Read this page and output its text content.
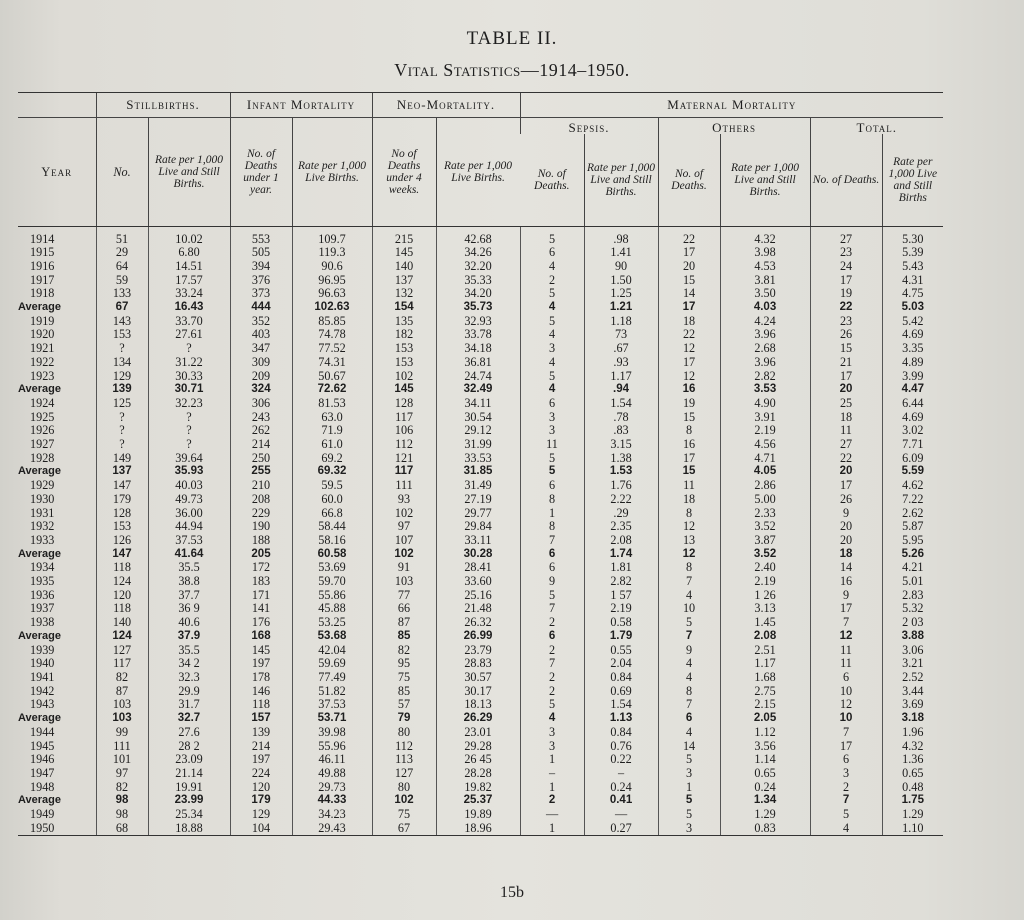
TABLE II.
Vital Statistics—1914–1950.
	Stillbirths.		Infant Mortality		Neo-Mortality.		Maternal Mortality					
Year	No.	Rate per 1,000 Live and Still Births.	No. of Deaths under 1 year.	Rate per 1,000 Live Births.	No of Deaths under 4 weeks.	Rate per 1,000 Live Births.	Sepsis.		Others		Total.	
							No. of Deaths.	Rate per 1,000 Live and Still Births.	No. of Deaths.	Rate per 1,000 Live and Still Births.	No. of Deaths.	Rate per 1,000 Live and Still Births
1914	51	10.02	553	109.7	215	42.68	5	.98	22	4.32	27	5.30
1915	29	6.80	505	119.3	145	34.26	6	1.41	17	3.98	23	5.39
1916	64	14.51	394	90.6	140	32.20	4	90	20	4.53	24	5.43
1917	59	17.57	376	96.95	137	35.33	2	1.50	15	3.81	17	4.31
1918	133	33.24	373	96.63	132	34.20	5	1.25	14	3.50	19	4.75
Average	67	16.43	444	102.63	154	35.73	4	1.21	17	4.03	22	5.03
1919	143	33.70	352	85.85	135	32.93	5	1.18	18	4.24	23	5.42
1920	153	27.61	403	74.78	182	33.78	4	73	22	3.96	26	4.69
1921	?	?	347	77.52	153	34.18	3	.67	12	2.68	15	3.35
1922	134	31.22	309	74.31	153	36.81	4	.93	17	3.96	21	4.89
1923	129	30.33	209	50.67	102	24.74	5	1.17	12	2.82	17	3.99
Average	139	30.71	324	72.62	145	32.49	4	.94	16	3.53	20	4.47
1924	125	32.23	306	81.53	128	34.11	6	1.54	19	4.90	25	6.44
1925	?	?	243	63.0	117	30.54	3	.78	15	3.91	18	4.69
1926	?	?	262	71.9	106	29.12	3	.83	8	2.19	11	3.02
1927	?	?	214	61.0	112	31.99	11	3.15	16	4.56	27	7.71
1928	149	39.64	250	69.2	121	33.53	5	1.38	17	4.71	22	6.09
Average	137	35.93	255	69.32	117	31.85	5	1.53	15	4.05	20	5.59
1929	147	40.03	210	59.5	111	31.49	6	1.76	11	2.86	17	4.62
1930	179	49.73	208	60.0	93	27.19	8	2.22	18	5.00	26	7.22
1931	128	36.00	229	66.8	102	29.77	1	.29	8	2.33	9	2.62
1932	153	44.94	190	58.44	97	29.84	8	2.35	12	3.52	20	5.87
1933	126	37.53	188	58.16	107	33.11	7	2.08	13	3.87	20	5.95
Average	147	41.64	205	60.58	102	30.28	6	1.74	12	3.52	18	5.26
1934	118	35.5	172	53.69	91	28.41	6	1.81	8	2.40	14	4.21
1935	124	38.8	183	59.70	103	33.60	9	2.82	7	2.19	16	5.01
1936	120	37.7	171	55.86	77	25.16	5	1 57	4	1 26	9	2.83
1937	118	36 9	141	45.88	66	21.48	7	2.19	10	3.13	17	5.32
1938	140	40.6	176	53.25	87	26.32	2	0.58	5	1.45	7	2 03
Average	124	37.9	168	53.68	85	26.99	6	1.79	7	2.08	12	3.88
1939	127	35.5	145	42.04	82	23.79	2	0.55	9	2.51	11	3.06
1940	117	34 2	197	59.69	95	28.83	7	2.04	4	1.17	11	3.21
1941	82	32.3	178	77.49	75	30.57	2	0.84	4	1.68	6	2.52
1942	87	29.9	146	51.82	85	30.17	2	0.69	8	2.75	10	3.44
1943	103	31.7	118	37.53	57	18.13	5	1.54	7	2.15	12	3.69
Average	103	32.7	157	53.71	79	26.29	4	1.13	6	2.05	10	3.18
1944	99	27.6	139	39.98	80	23.01	3	0.84	4	1.12	7	1.96
1945	111	28 2	214	55.96	112	29.28	3	0.76	14	3.56	17	4.32
1946	101	23.09	197	46.11	113	26 45	1	0.22	5	1.14	6	1.36
1947	97	21.14	224	49.88	127	28.28	–	–	3	0.65	3	0.65
1948	82	19.91	120	29.73	80	19.82	1	0.24	1	0.24	2	0.48
Average	98	23.99	179	44.33	102	25.37	2	0.41	5	1.34	7	1.75
1949	98	25.34	129	34.23	75	19.89	—	—	5	1.29	5	1.29
1950	68	18.88	104	29.43	67	18.96	1	0.27	3	0.83	4	1.10
15b
